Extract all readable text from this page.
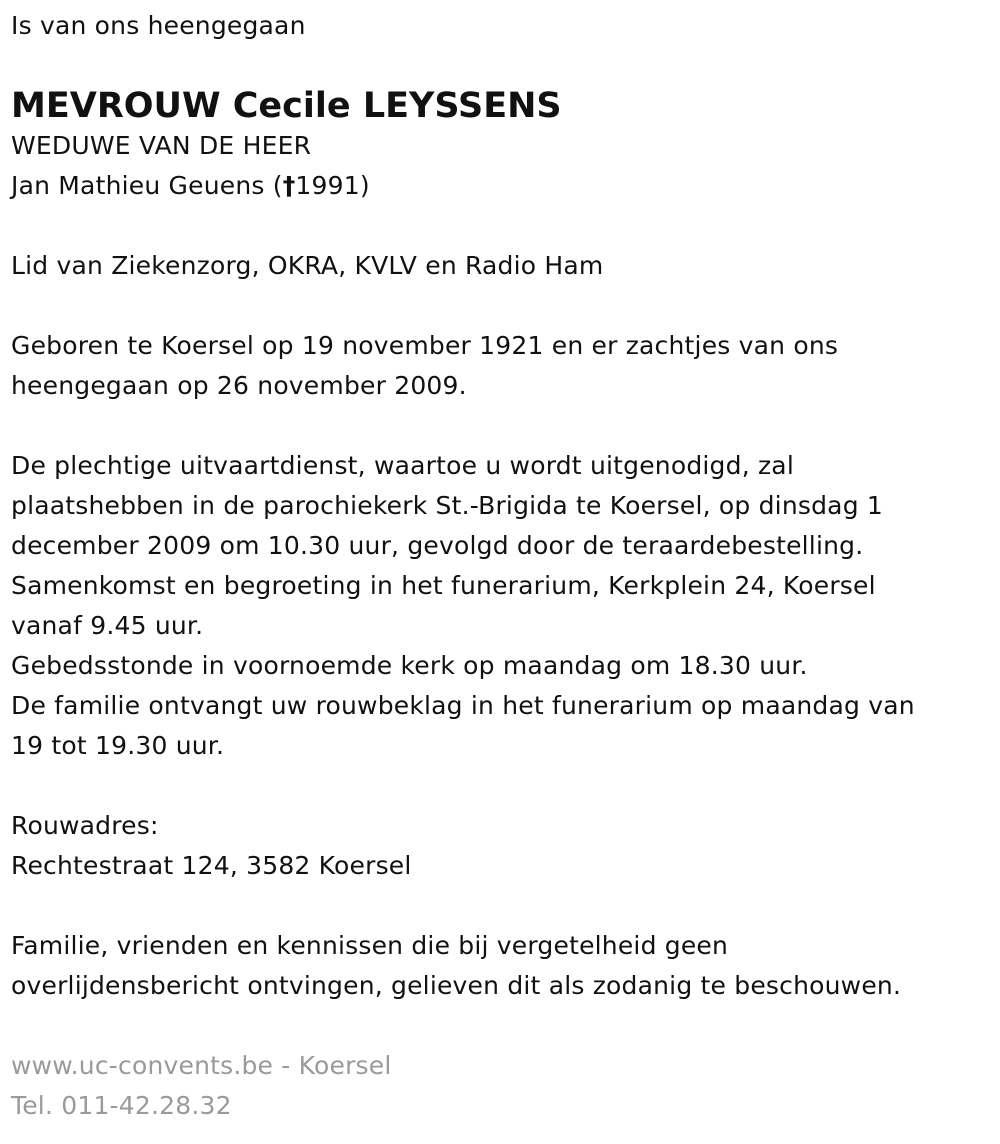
Is van ons heengegaan
MEVROUW Cecile LEYSSENS
WEDUWE VAN DE HEER
Jan Mathieu Geuens (†1991)
Lid van Ziekenzorg, OKRA, KVLV en Radio Ham
Geboren te Koersel op 19 november 1921 en er zachtjes van ons
heengegaan op 26 november 2009.
De plechtige uitvaartdienst, waartoe u wordt uitgenodigd, zal
plaatshebben in de parochiekerk St.-Brigida te Koersel, op dinsdag 1
december 2009 om 10.30 uur, gevolgd door de teraardebestelling.
Samenkomst en begroeting in het funerarium, Kerkplein 24, Koersel
vanaf 9.45 uur.
Gebedsstonde in voornoemde kerk op maandag om 18.30 uur.
De familie ontvangt uw rouwbeklag in het funerarium op maandag van
19 tot 19.30 uur.
Rouwadres:
Rechtestraat 124, 3582 Koersel
Familie, vrienden en kennissen die bij vergetelheid geen
overlijdensbericht ontvingen, gelieven dit als zodanig te beschouwen.
www.uc-convents.be - Koersel
Tel. 011-42.28.32
